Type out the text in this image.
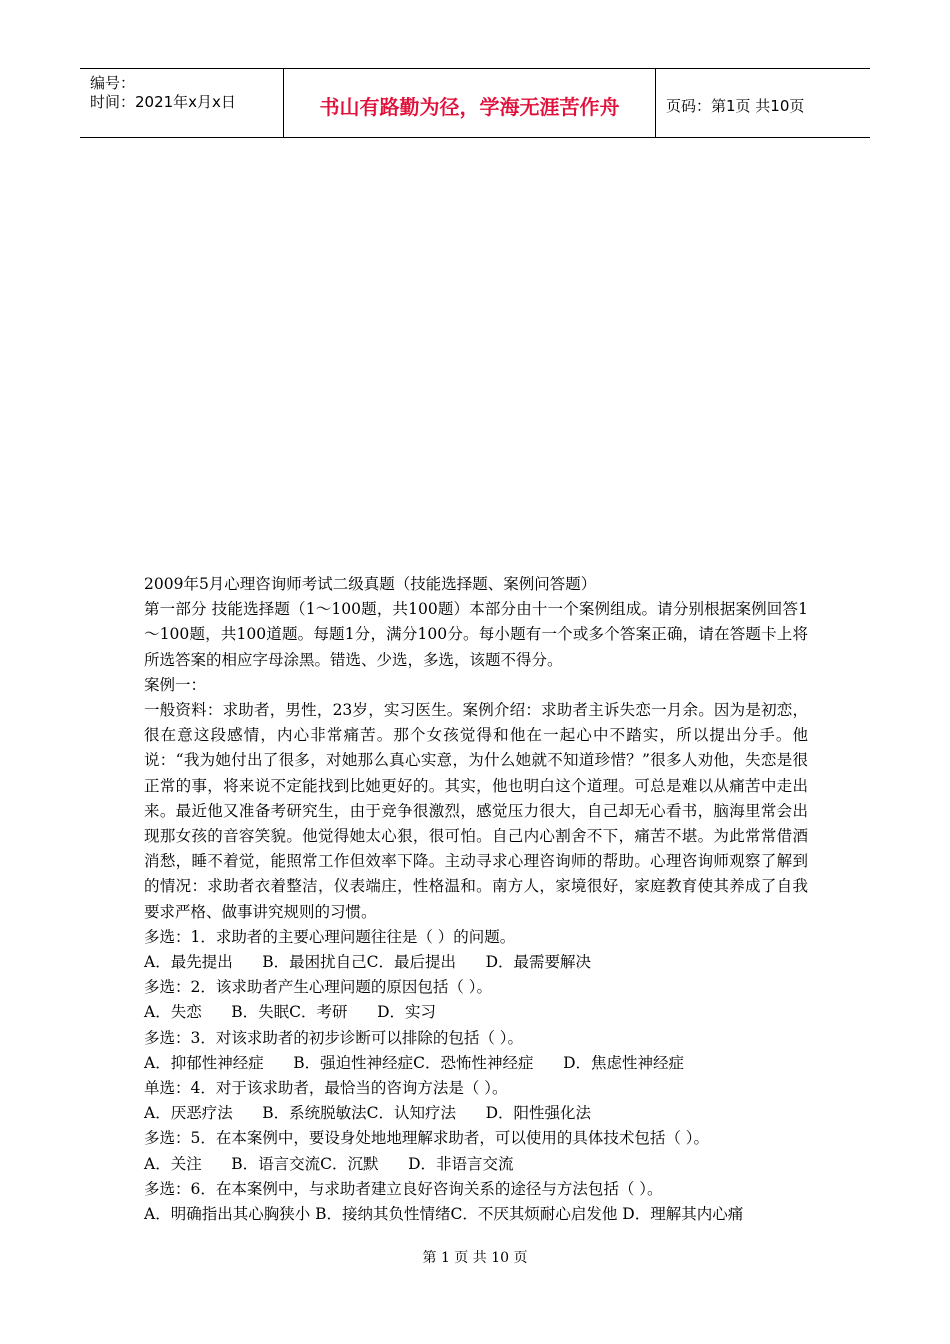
编号：
时间：2021年x月x日	书山有路勤为径，学海无涯苦作舟	页码：第1页 共10页

2009年5月心理咨询师考试二级真题（技能选择题、案例问答题）

第一部分 技能选择题（1～100题，共100题）本部分由十一个案例组成。请分别根据案例回答1～100题，共100道题。每题1分，满分100分。每小题有一个或多个答案正确，请在答题卡上将所选答案的相应字母涂黑。错选、少选，多选，该题不得分。

案例一：

一般资料：求助者，男性，23岁，实习医生。案例介绍：求助者主诉失恋一月余。因为是初恋，很在意这段感情，内心非常痛苦。那个女孩觉得和他在一起心中不踏实，所以提出分手。他说：“我为她付出了很多，对她那么真心实意，为什么她就不知道珍惜？”很多人劝他，失恋是很正常的事，将来说不定能找到比她更好的。其实，他也明白这个道理。可总是难以从痛苦中走出来。最近他又准备考研究生，由于竞争很激烈，感觉压力很大，自己却无心看书，脑海里常会出现那女孩的音容笑貌。他觉得她太心狠，很可怕。自己内心割舍不下，痛苦不堪。为此常常借酒消愁，睡不着觉，能照常工作但效率下降。主动寻求心理咨询师的帮助。心理咨询师观察了解到的情况：求助者衣着整洁，仪表端庄，性格温和。南方人，家境很好，家庭教育使其养成了自我要求严格、做事讲究规则的习惯。

多选：1．求助者的主要心理问题往往是（ ）的问题。

A．最先提出      B．最困扰自己C．最后提出      D．最需要解决

多选：2．该求助者产生心理问题的原因包括（ ）。

A．失恋      B．失眠C．考研      D．实习

多选：3．对该求助者的初步诊断可以排除的包括（ ）。

A．抑郁性神经症      B．强迫性神经症C．恐怖性神经症      D．焦虑性神经症

单选：4．对于该求助者，最恰当的咨询方法是（ ）。

A．厌恶疗法      B．系统脱敏法C．认知疗法      D．阳性强化法

多选：5．在本案例中，要设身处地地理解求助者，可以使用的具体技术包括（ ）。

A．关注      B．语言交流C．沉默      D．非语言交流

多选：6．在本案例中，与求助者建立良好咨询关系的途径与方法包括（ ）。

A．明确指出其心胸狭小 B．接纳其负性情绪C．不厌其烦耐心启发他 D．理解其内心痛

第 1 页 共 10 页
